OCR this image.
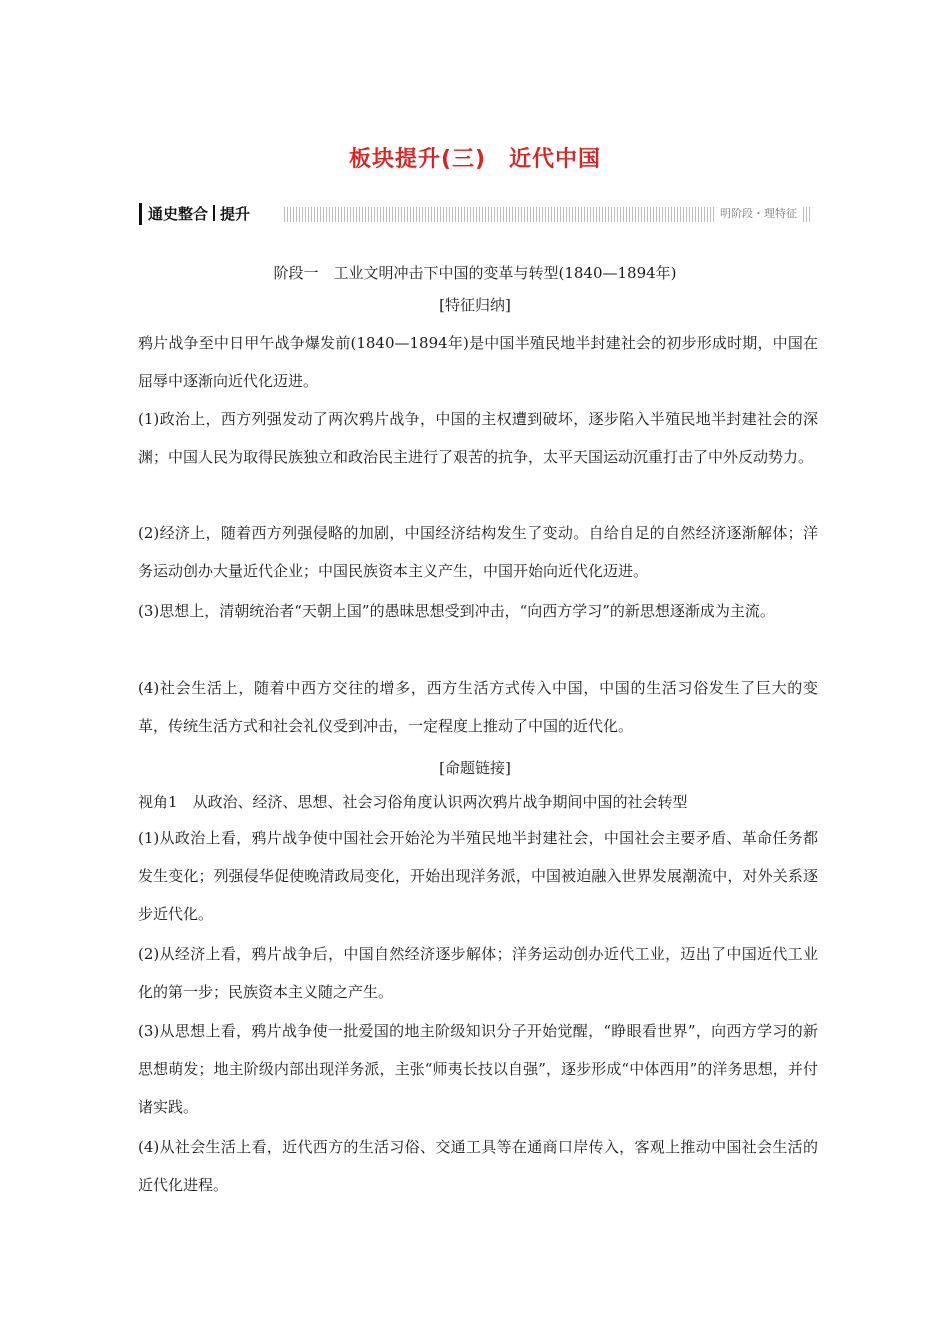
板块提升(三)　近代中国
通史整合 提升	明阶段・理特征
阶段一　工业文明冲击下中国的变革与转型(1840—1894年)
[特征归纳]

鸦片战争至中日甲午战争爆发前(1840—1894年)是中国半殖民地半封建社会的初步形成时期，中国在屈辱中逐渐向近代化迈进。

(1)政治上，西方列强发动了两次鸦片战争，中国的主权遭到破坏，逐步陷入半殖民地半封建社会的深渊；中国人民为取得民族独立和政治民主进行了艰苦的抗争，太平天国运动沉重打击了中外反动势力。

(2)经济上，随着西方列强侵略的加剧，中国经济结构发生了变动。自给自足的自然经济逐渐解体；洋务运动创办大量近代企业；中国民族资本主义产生，中国开始向近代化迈进。

(3)思想上，清朝统治者“天朝上国”的愚昧思想受到冲击，“向西方学习”的新思想逐渐成为主流。

(4)社会生活上，随着中西方交往的增多，西方生活方式传入中国，中国的生活习俗发生了巨大的变革，传统生活方式和社会礼仪受到冲击，一定程度上推动了中国的近代化。

[命题链接]
视角1　从政治、经济、思想、社会习俗角度认识两次鸦片战争期间中国的社会转型

(1)从政治上看，鸦片战争使中国社会开始沦为半殖民地半封建社会，中国社会主要矛盾、革命任务都发生变化；列强侵华促使晚清政局变化，开始出现洋务派，中国被迫融入世界发展潮流中，对外关系逐步近代化。

(2)从经济上看，鸦片战争后，中国自然经济逐步解体；洋务运动创办近代工业，迈出了中国近代工业化的第一步；民族资本主义随之产生。

(3)从思想上看，鸦片战争使一批爱国的地主阶级知识分子开始觉醒，“睁眼看世界”，向西方学习的新思想萌发；地主阶级内部出现洋务派，主张“师夷长技以自强”，逐步形成“中体西用”的洋务思想，并付诸实践。

(4)从社会生活上看，近代西方的生活习俗、交通工具等在通商口岸传入，客观上推动中国社会生活的近代化进程。
